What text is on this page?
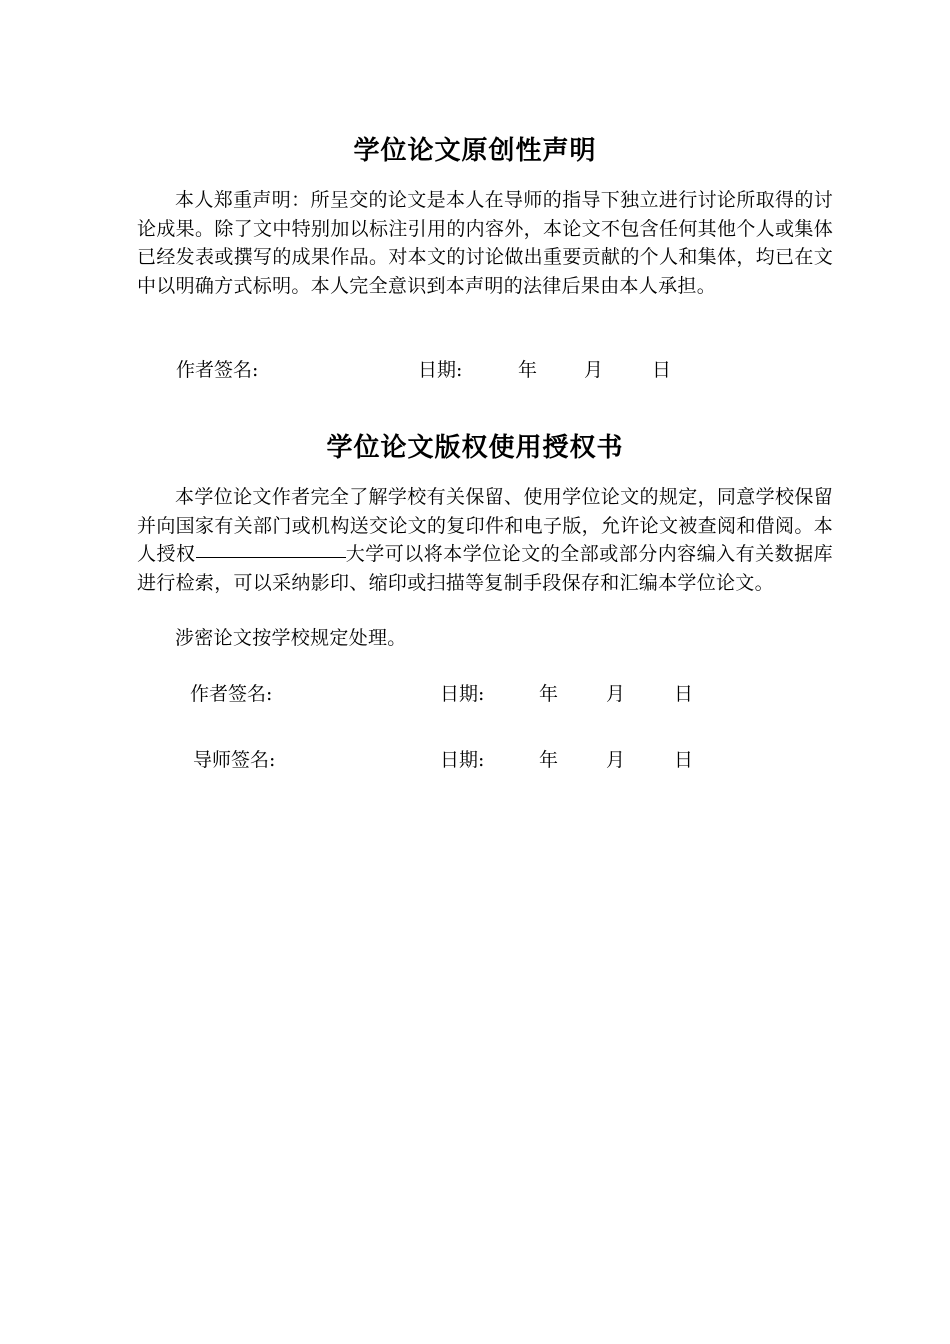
学位论文原创性声明

本人郑重声明：所呈交的论文是本人在导师的指导下独立进行讨论所取得的讨论成果。除了文中特别加以标注引用的内容外，本论文不包含任何其他个人或集体已经发表或撰写的成果作品。对本文的讨论做出重要贡献的个人和集体，均已在文中以明确方式标明。本人完全意识到本声明的法律后果由本人承担。

作者签名:	日期:	年 月	日
学位论文版权使用授权书

本学位论文作者完全了解学校有关保留、使用学位论文的规定，同意学校保留并向国家有关部门或机构送交论文的复印件和电子版，允许论文被查阅和借阅。本人授权	大学可以将本学位论文的全部或部分内容编入有关数据库进行检索，可以采纳影印、缩印或扫描等复制手段保存和汇编本学位论文。

涉密论文按学校规定处理。

作者签名:	日期:	年	月	日
导师签名:	日期:	年	月	日
